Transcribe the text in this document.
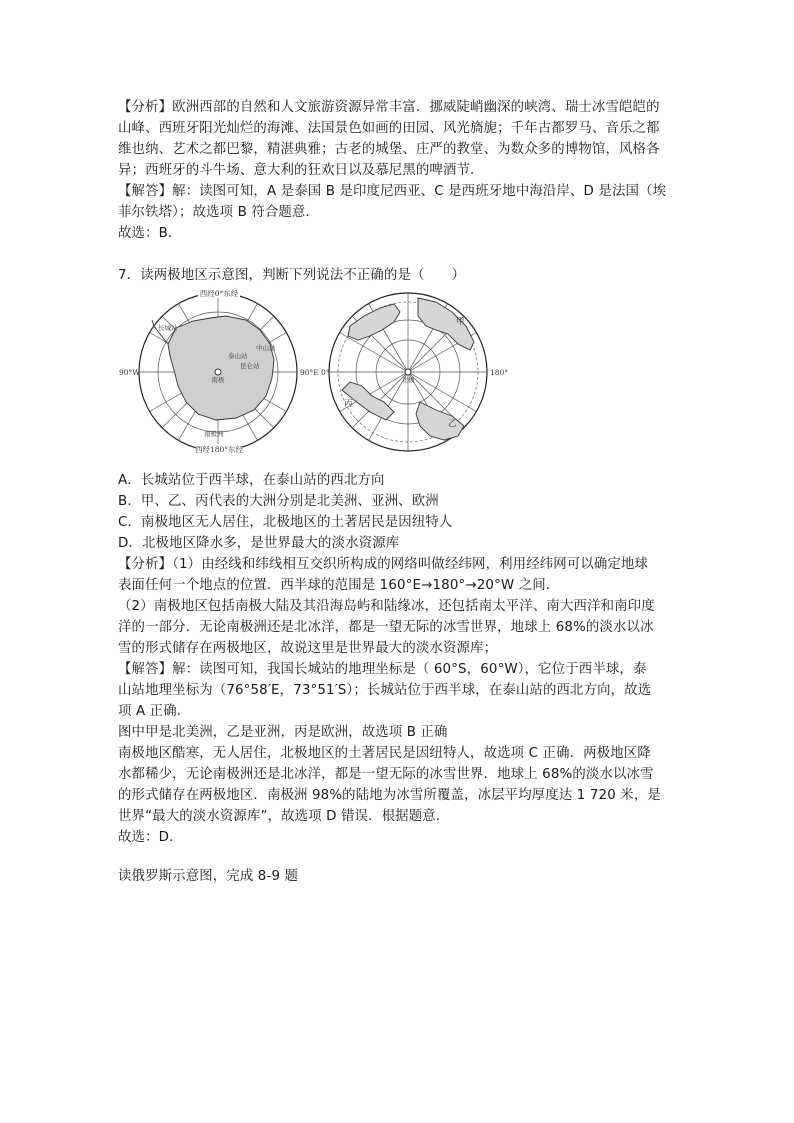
【分析】欧洲西部的自然和人文旅游资源异常丰富．挪威陡峭幽深的峡湾、瑞士冰雪皑皑的
山峰、西班牙阳光灿烂的海滩、法国景色如画的田园、风光旖旎；千年古都罗马、音乐之都
维也纳、艺术之都巴黎，精湛典雅；古老的城堡、庄严的教堂、为数众多的博物馆，风格各
异；西班牙的斗牛场、意大利的狂欢日以及慕尼黑的啤酒节．
【解答】解：读图可知，A 是泰国 B 是印度尼西亚、C 是西班牙地中海沿岸、D 是法国（埃
菲尔铁塔）；故选项 B 符合题意．
故选：B．
7．读两极地区示意图，判断下列说法不正确的是（　　）
西经0°东经
西经180°东经
90°W	90°E
南极
长城站
泰山站
中山站
昆仑站
南极洲
北极
0°	180°
甲
乙
丙
A．长城站位于西半球，在泰山站的西北方向
B．甲、乙、丙代表的大洲分别是北美洲、亚洲、欧洲
C．南极地区无人居住，北极地区的土著居民是因纽特人
D．北极地区降水多，是世界最大的淡水资源库
【分析】（1）由经线和纬线相互交织所构成的网络叫做经纬网，利用经纬网可以确定地球
表面任何一个地点的位置．西半球的范围是 160°E→180°→20°W 之间．
（2）南极地区包括南极大陆及其沿海岛屿和陆缘冰，还包括南太平洋、南大西洋和南印度
洋的一部分．无论南极洲还是北冰洋，都是一望无际的冰雪世界，地球上 68%的淡水以冰
雪的形式储存在两极地区，故说这里是世界最大的淡水资源库；
【解答】解：读图可知，我国长城站的地理坐标是（ 60°S，60°W），它位于西半球，泰
山站地理坐标为（76°58′E，73°51′S）；长城站位于西半球，在泰山站的西北方向，故选
项 A 正确．
图中甲是北美洲，乙是亚洲，丙是欧洲，故选项 B 正确
南极地区酷寒，无人居住，北极地区的土著居民是因纽特人，故选项 C 正确．两极地区降
水都稀少，无论南极洲还是北冰洋，都是一望无际的冰雪世界．地球上 68%的淡水以冰雪
的形式储存在两极地区．南极洲 98%的陆地为冰雪所覆盖，冰层平均厚度达 1 720 米，是
世界“最大的淡水资源库”，故选项 D 错误．根据题意．
故选：D．
读俄罗斯示意图，完成 8-9 题
